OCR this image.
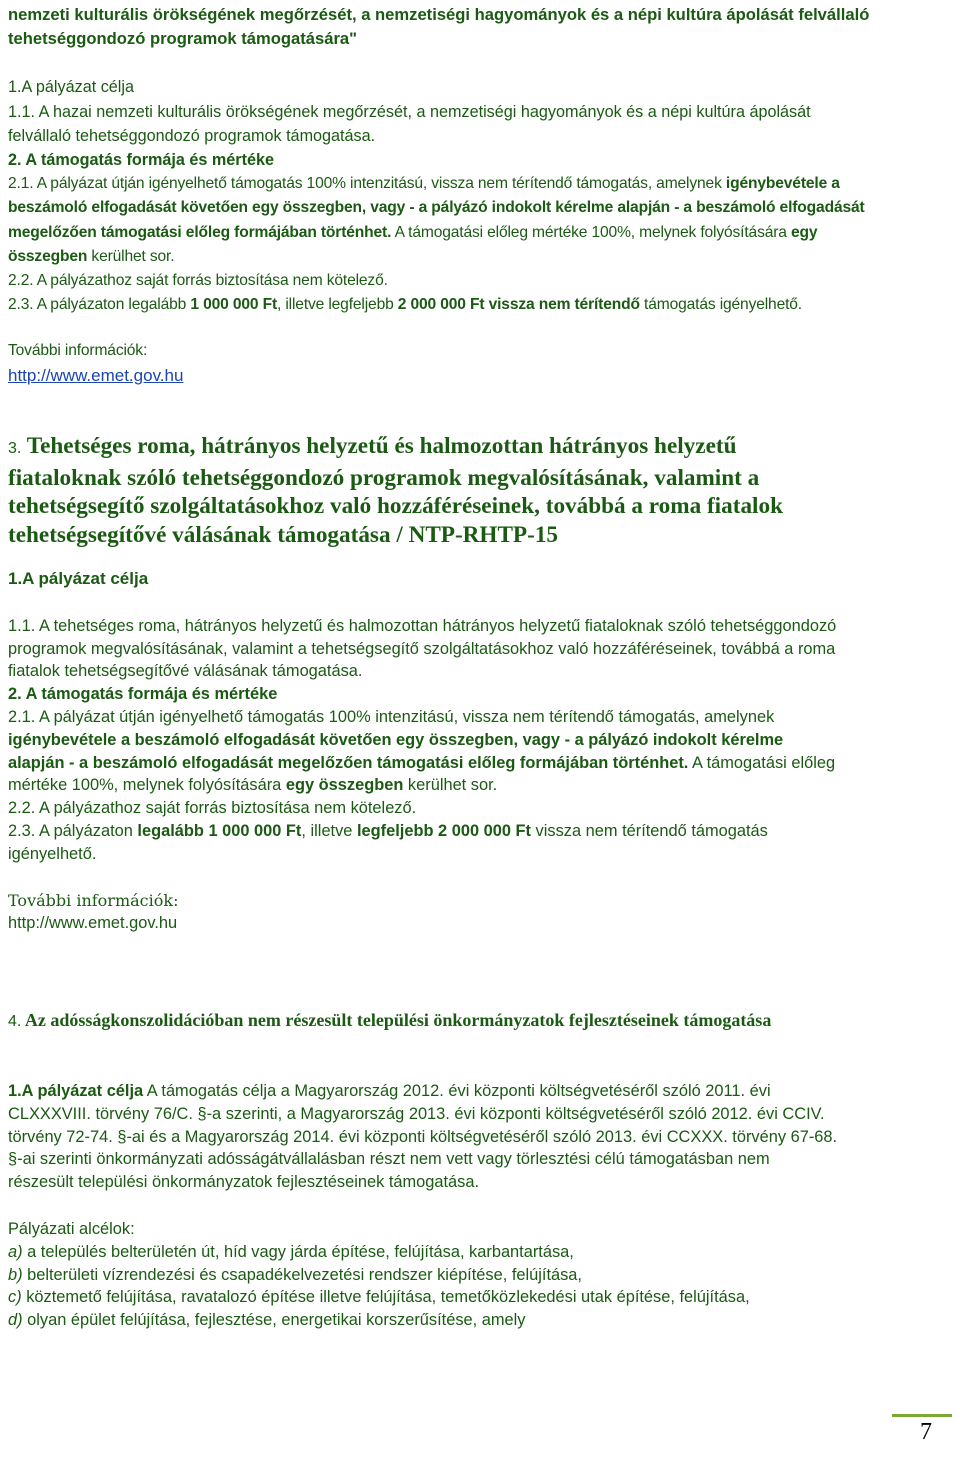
nemzeti kulturális örökségének megőrzését, a nemzetiségi hagyományok és a népi kultúra ápolását felvállaló tehetséggondozó programok támogatására"

1.A pályázat célja

1.1. A hazai nemzeti kulturális örökségének megőrzését, a nemzetiségi hagyományok és a népi kultúra ápolását felvállaló tehetséggondozó programok támogatása.

2. A támogatás formája és mértéke

2.1. A pályázat útján igényelhető támogatás 100% intenzitású, vissza nem térítendő támogatás, amelynek igénybevétele a beszámoló elfogadását követően egy összegben, vagy - a pályázó indokolt kérelme alapján - a beszámoló elfogadását megelőzően támogatási előleg formájában történhet. A támogatási előleg mértéke 100%, melynek folyósítására egy összegben kerülhet sor.

2.2. A pályázathoz saját forrás biztosítása nem kötelező.

2.3. A pályázaton legalább 1 000 000 Ft, illetve legfeljebb 2 000 000 Ft vissza nem térítendő támogatás igényelhető.

További információk:

http://www.emet.gov.hu

3. Tehetséges roma, hátrányos helyzetű és halmozottan hátrányos helyzetű fiataloknak szóló tehetséggondozó programok megvalósításának, valamint a tehetségsegítő szolgáltatásokhoz való hozzáféréseinek, továbbá a roma fiatalok tehetségsegítővé válásának támogatása / NTP-RHTP-15

1.A pályázat célja

1.1. A tehetséges roma, hátrányos helyzetű és halmozottan hátrányos helyzetű fiataloknak szóló tehetséggondozó programok megvalósításának, valamint a tehetségsegítő szolgáltatásokhoz való hozzáféréseinek, továbbá a roma fiatalok tehetségsegítővé válásának támogatása.

2. A támogatás formája és mértéke

2.1. A pályázat útján igényelhető támogatás 100% intenzitású, vissza nem térítendő támogatás, amelynek igénybevétele a beszámoló elfogadását követően egy összegben, vagy - a pályázó indokolt kérelme alapján - a beszámoló elfogadását megelőzően támogatási előleg formájában történhet. A támogatási előleg mértéke 100%, melynek folyósítására egy összegben kerülhet sor.

2.2. A pályázathoz saját forrás biztosítása nem kötelező.

2.3. A pályázaton legalább 1 000 000 Ft, illetve legfeljebb 2 000 000 Ft vissza nem térítendő támogatás igényelhető.

További információk:

http://www.emet.gov.hu

4. Az adósságkonszolidációban nem részesült települési önkormányzatok fejlesztéseinek támogatása

1.A pályázat célja A támogatás célja a Magyarország 2012. évi központi költségvetéséről szóló 2011. évi CLXXXVIII. törvény 76/C. §-a szerinti, a Magyarország 2013. évi központi költségvetéséről szóló 2012. évi CCIV. törvény 72-74. §-ai és a Magyarország 2014. évi központi költségvetéséről szóló 2013. évi CCXXX. törvény 67-68. §-ai szerinti önkormányzati adósságátvállalásban részt nem vett vagy törlesztési célú támogatásban nem részesült települési önkormányzatok fejlesztéseinek támogatása.

Pályázati alcélok:

a) a település belterületén út, híd vagy járda építése, felújítása, karbantartása,

b) belterületi vízrendezési és csapadékelvezetési rendszer kiépítése, felújítása,

c) köztemető felújítása, ravatalozó építése illetve felújítása, temetőközlekedési utak építése, felújítása,

d) olyan épület felújítása, fejlesztése, energetikai korszerűsítése, amely

7
